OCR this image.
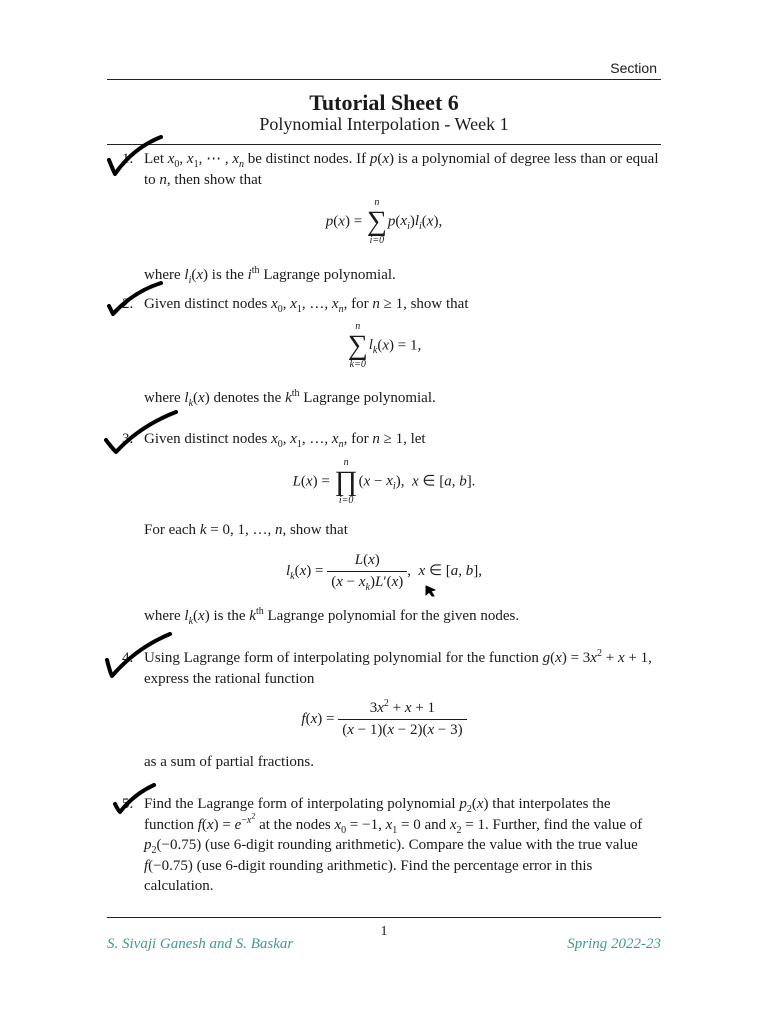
Section
Tutorial Sheet 6
Polynomial Interpolation - Week 1
1. Let $x_0$, $x_1$, ⋯ , $x_n$ be distinct nodes. If p(x) is a polynomial of degree less than or equal to n, then show that
p(x) =
n
∑
i=0
$p(x_i)l_i(x)$,
where $l_i(x)$ is the $i^{th}$ Lagrange polynomial.
2. Given distinct nodes $x_0$, $x_1$, …, $x_n$, for n ≥ 1, show that
n
∑
k=0
$l_k(x) = 1$,
where $l_k(x)$ denotes the $k^{th}$ Lagrange polynomial.
3. Given distinct nodes $x_0$, $x_1$, …, $x_n$, for n ≥ 1, let
L(x) =
n
∏
i=0
$(x - x_i)$,  x ∈ [a, b].
For each k = 0, 1, …, n, show that
$l_k(x) = \frac{L(x)}{(x - x_k)L'(x)}$ ,  x ∈ [a, b],
where $l_k(x)$ is the $k^{th}$ Lagrange polynomial for the given nodes.
4. Using Lagrange form of interpolating polynomial for the function $g(x) = 3x^2 + x + 1$, express the rational function
$f(x) = \frac{3x^2 + x + 1}{(x - 1)(x - 2)(x - 3)}$
as a sum of partial fractions.
5. Find the Lagrange form of interpolating polynomial $p_2(x)$ that interpolates the function $f(x) = e^{-x^2}$ at the nodes $x_0 = -1$, $x_1 = 0$ and $x_2 = 1$. Further, find the value of $p_2(-0.75)$ (use 6-digit rounding arithmetic). Compare the value with the true value f(−0.75) (use 6-digit rounding arithmetic). Find the percentage error in this calculation.
1
S. Sivaji Ganesh and S. Baskar	Spring 2022-23
